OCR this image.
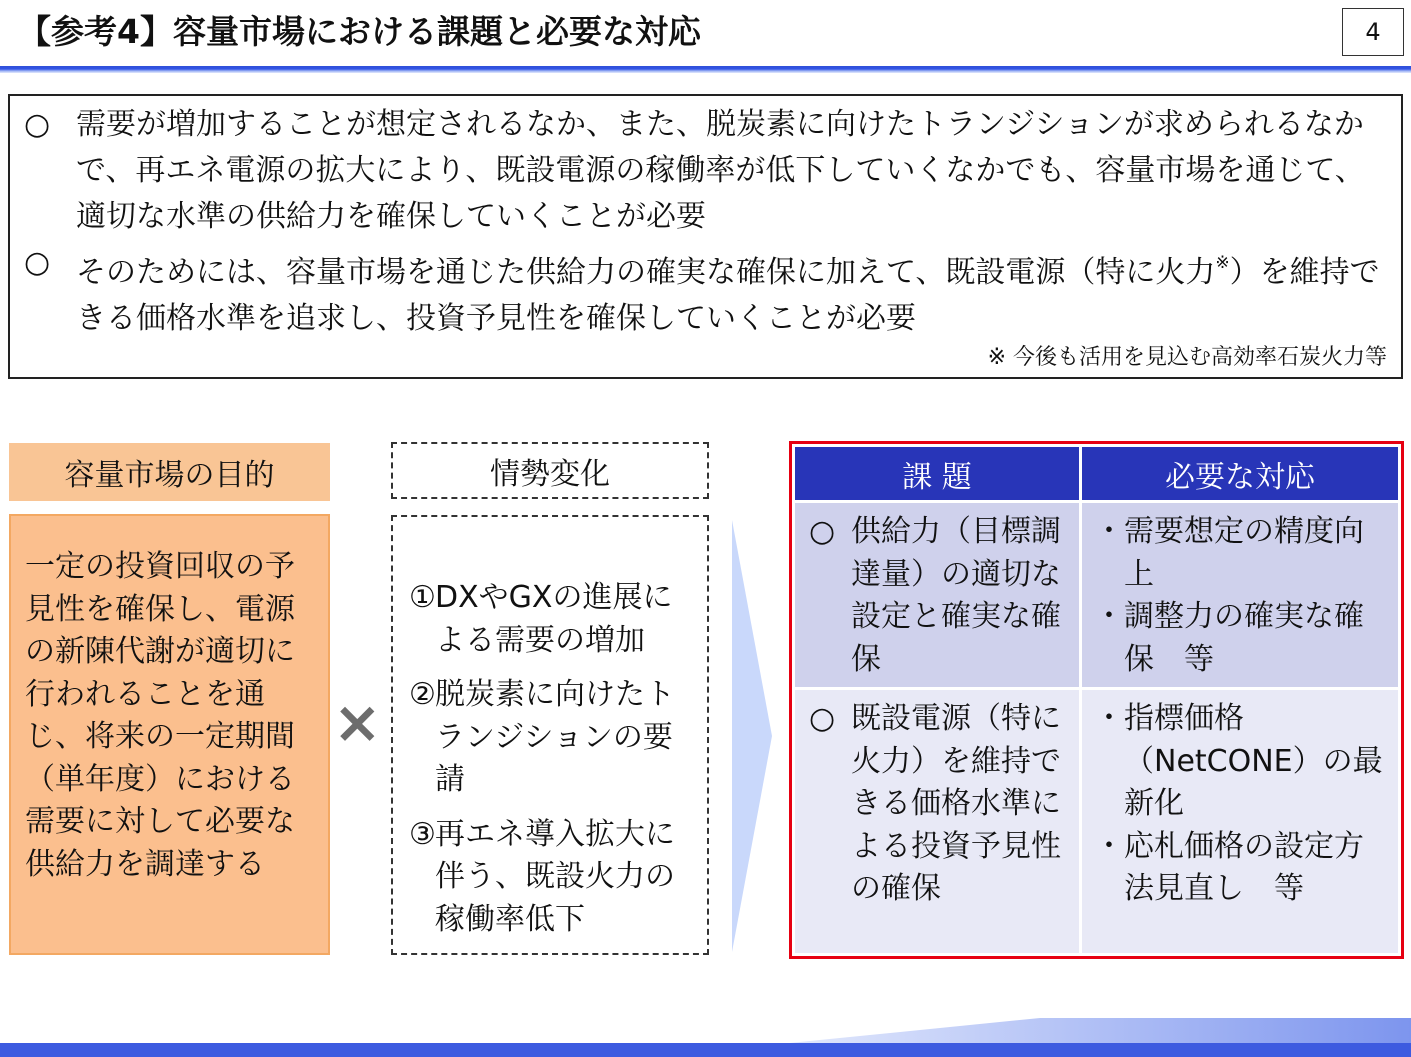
【参考4】容量市場における課題と必要な対応	4
○ 需要が増加することが想定されるなか、また、脱炭素に向けたトランジションが求められるなかで、再エネ電源の拡大により、既設電源の稼働率が低下していくなかでも、容量市場を通じて、適切な水準の供給力を確保していくことが必要
○ そのためには、容量市場を通じた供給力の確実な確保に加えて、既設電源（特に火力※）を維持できる価格水準を追求し、投資予見性を確保していくことが必要
※ 今後も活用を見込む高効率石炭火力等
容量市場の目的
一定の投資回収の予見性を確保し、電源の新陳代謝が適切に行われることを通じ、将来の一定期間（単年度）における需要に対して必要な供給力を調達する
×
情勢変化
① DXやGXの進展による需要の増加
② 脱炭素に向けたトランジションの要請
③ 再エネ導入拡大に伴う、既設火力の稼働率低下
課 題	必要な対応
○ 供給力（目標調達量）の適切な設定と確実な確保
・ 需要想定の精度向上
・ 調整力の確実な確保　等
○ 既設電源（特に火力）を維持できる価格水準による投資予見性の確保
・ 指標価格（NetCONE）の最新化
・ 応札価格の設定方法見直し　等
